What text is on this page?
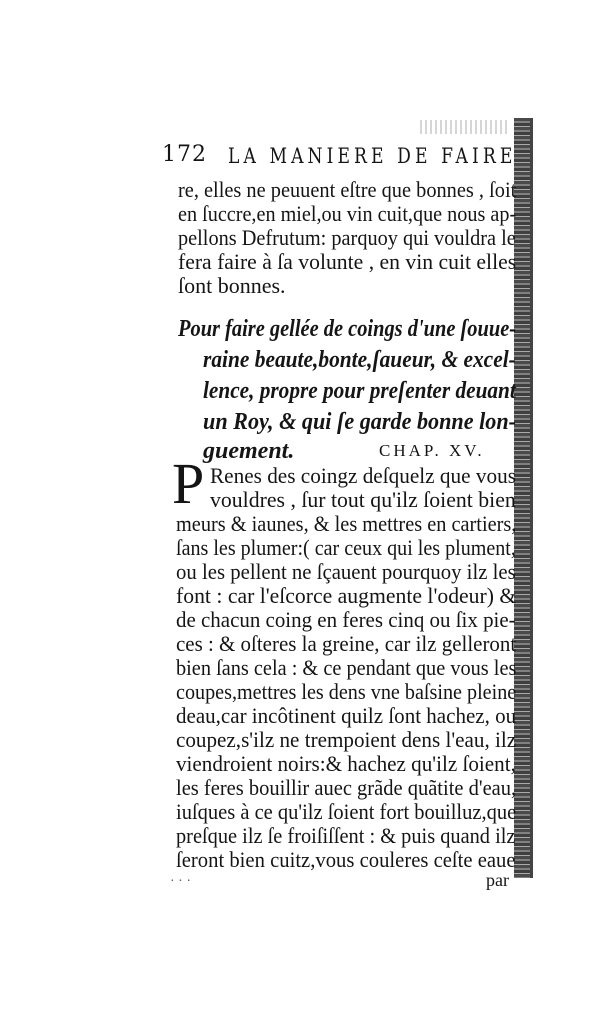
172 LA MANIERE DE FAIRE
re, elles ne peuuent eſtre que bonnes , ſoit
en ſuccre,en miel,ou vin cuit,que nous ap-
pellons Defrutum: parquoy qui vouldra le
fera faire à ſa volunte , en vin cuit elles
ſont bonnes.
Pour faire gellée de coings d'une ſouue-
raine beaute,bonte,ſaueur, & excel-
lence, propre pour preſenter deuant
un Roy, & qui ſe garde bonne lon-
guement.	CHAP. XV.
P Renes des coingz deſquelz que vous
vouldres , ſur tout qu'ilz ſoient bien
meurs & iaunes, & les mettres en cartiers,
ſans les plumer:( car ceux qui les plument,
ou les pellent ne ſçauent pourquoy ilz les
font : car l'eſcorce augmente l'odeur) &
de chacun coing en feres cinq ou ſix pie-
ces : & oſteres la greine, car ilz gelleront
bien ſans cela : & ce pendant que vous les
coupes,mettres les dens vne baſsine pleine
deau,car incôtinent quilz ſont hachez, ou
coupez,s'ilz ne trempoient dens l'eau, ilz
viendroient noirs:& hachez qu'ilz ſoient,
les feres bouillir auec grãde quãtite d'eau,
iuſques à ce qu'ilz ſoient fort bouilluz,que
preſque ilz ſe froiſiſſent : & puis quand ilz
ſeront bien cuitz,vous couleres ceſte eaue
· · ·	par
